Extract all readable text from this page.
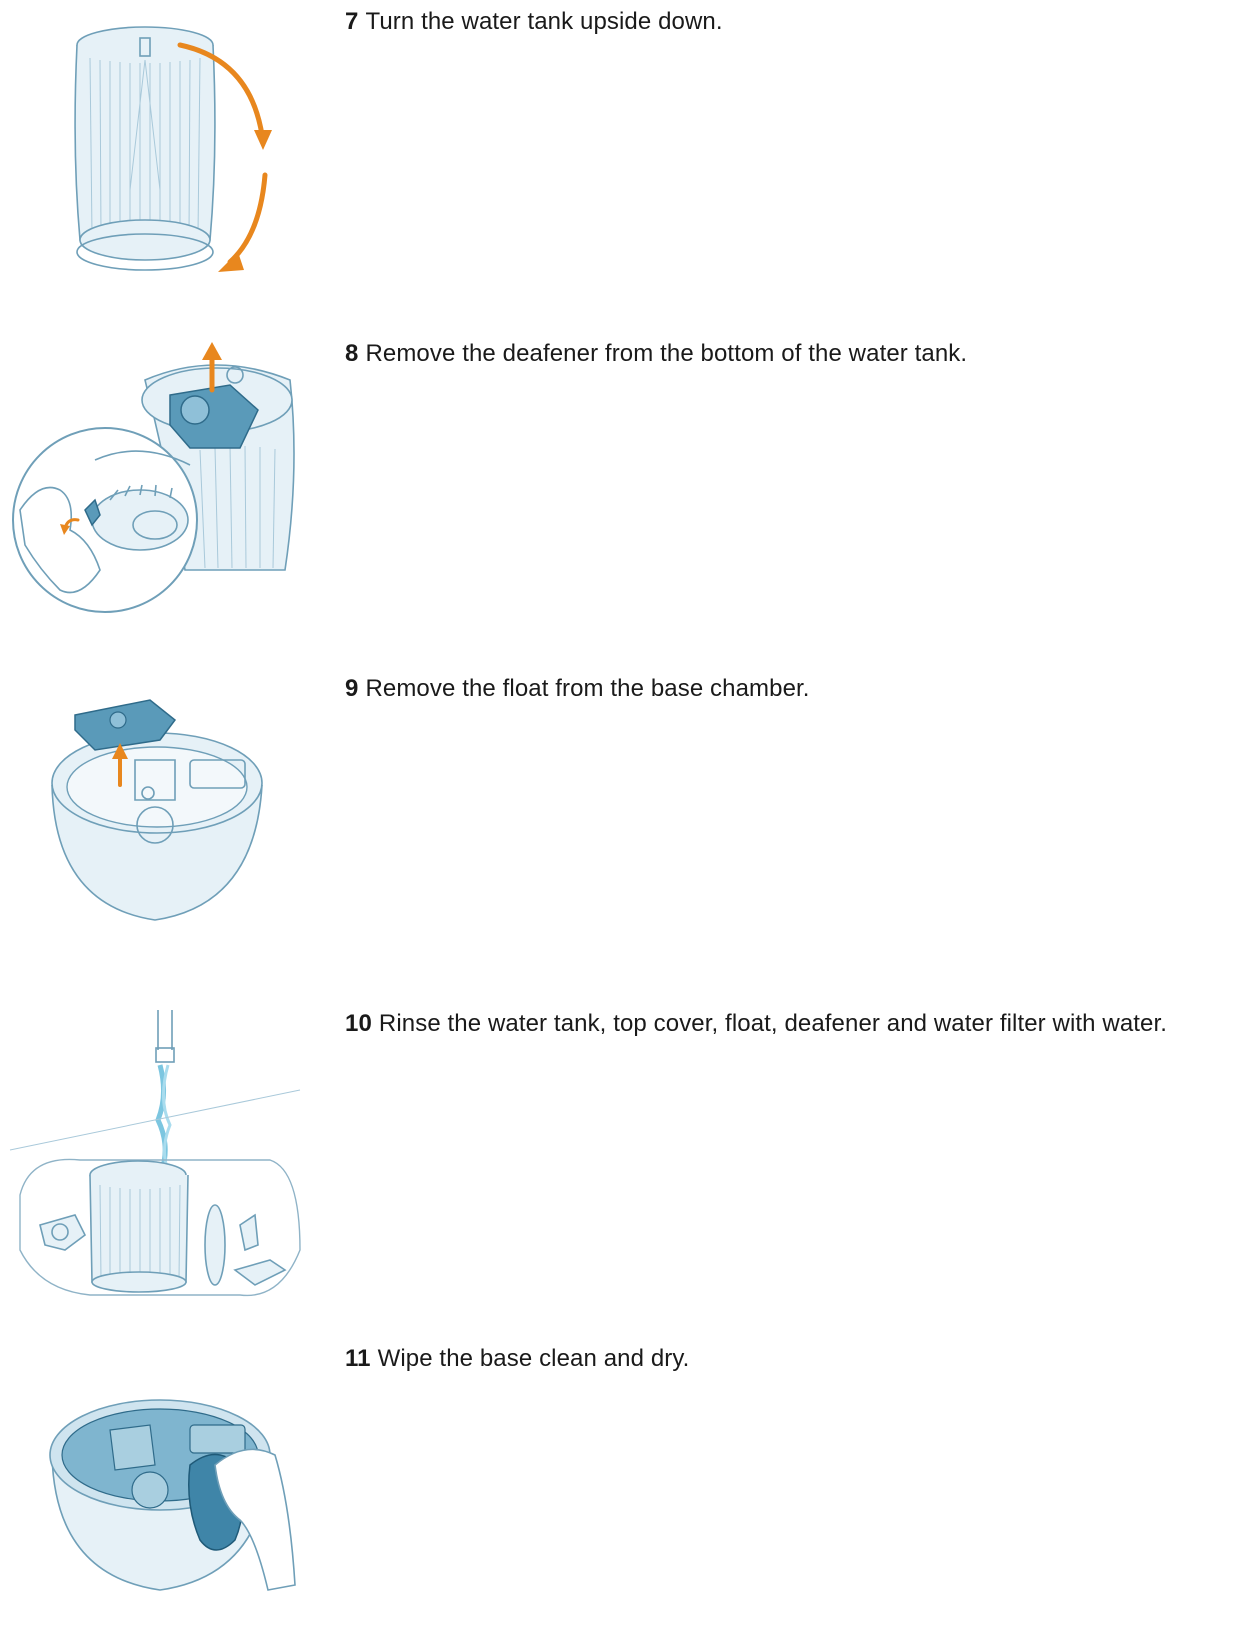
7 Turn the water tank upside down.
8 Remove the deafener from the bottom of the water tank.
9 Remove the float from the base chamber.
10 Rinse the water tank, top cover, float, deafener and water filter with water.
11 Wipe the base clean and dry.
